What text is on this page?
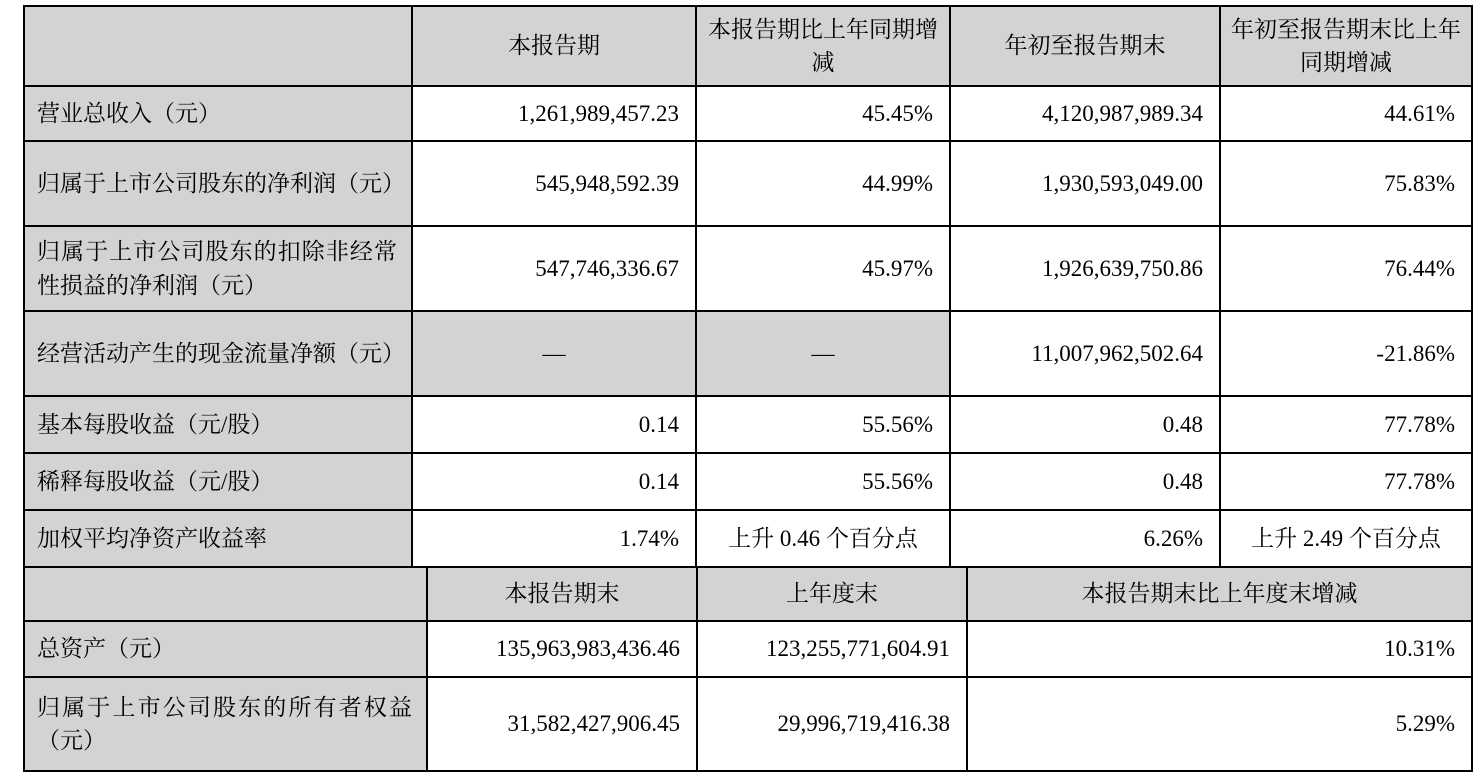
	本报告期	本报告期比上年同期增减	年初至报告期末	年初至报告期末比上年同期增减
营业总收入（元）	1,261,989,457.23	45.45%	4,120,987,989.34	44.61%
归属于上市公司股东的净利润（元）	545,948,592.39	44.99%	1,930,593,049.00	75.83%
归属于上市公司股东的扣除非经常性损益的净利润（元）	547,746,336.67	45.97%	1,926,639,750.86	76.44%
经营活动产生的现金流量净额（元）	—	—	11,007,962,502.64	-21.86%
基本每股收益（元/股）	0.14	55.56%	0.48	77.78%
稀释每股收益（元/股）	0.14	55.56%	0.48	77.78%
加权平均净资产收益率	1.74%	上升 0.46 个百分点	6.26%	上升 2.49 个百分点
	本报告期末	上年度末	本报告期末比上年度末增减
总资产（元）	135,963,983,436.46	123,255,771,604.91	10.31%
归属于上市公司股东的所有者权益（元）	31,582,427,906.45	29,996,719,416.38	5.29%
